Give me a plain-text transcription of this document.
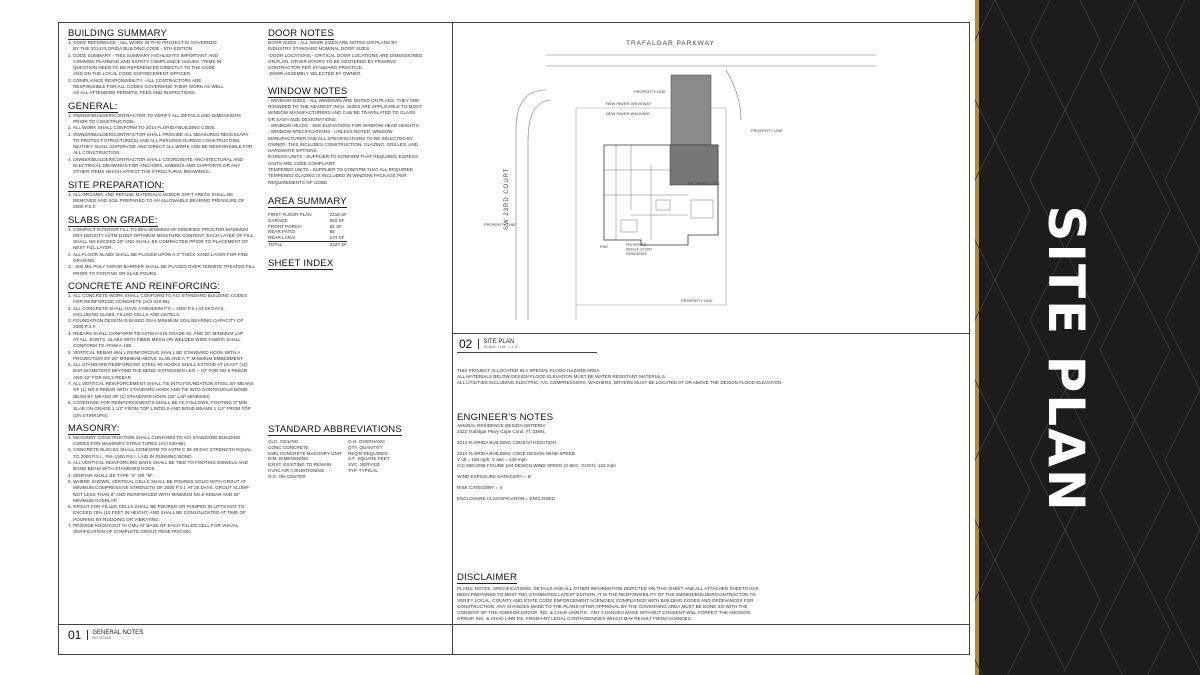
BUILDING SUMMARY

1. CODE REFERENCE - ALL WORK IN THIS PROJECT IS GOVERNED
BY THE 2014 FLORIDA BUILDING CODE - 5TH EDITION

2. CODE SUMMARY - THIS SUMMARY HIGHLIGHTS IMPORTANT AND
COMMON PLANNING AND SAFETY COMPLIANCE ISSUES. ITEMS IN
QUESTION NEED TO BE REFERENCED DIRECTLY TO THE CODE
AND ON THE LOCAL CODE ENFORCEMENT OFFICER.

3. COMPLIANCE RESPONSIBILITY - ALL CONTRACTORS ARE
RESPONSIBLE FOR ALL CODES GOVERNING THEIR WORK AS WELL
AS ALL ATTENDING PERMITS, FEES AND INSPECTIONS.

GENERAL:

1. OWNER/BUILDER/CONTRACTOR TO VERIFY ALL DETAILS AND DIMENSIONS
PRIOR TO CONSTRUCTION.

2. ALL WORK SHALL CONFORM TO 2014 FLORIDA BUILDING CODE.

3. OWNER/BUILDER/CONTRACTOR SHALL PROVIDE ALL MEASURES NECESSARY
TO PROTECT STRUCTURE(S) AND ALL PERSONS DURING CONSTRUCTION.
NEITHEY SHALL SUPERVISE AND DIRECT ALL WORK AND BE RESPONSIBLE FOR
ALL CONSTRUCTION.

4. OWNER/BUILDER/CONTRACTOR SHALL COORDINATE ARCHITECTURAL AND
ELECTRICAL DRAWINGS FOR ANCHORS, EMBEDS AND SUPPORTS OR ANY
OTHER ITEMS WHICH AFFECT THE STRUCTURAL DRAWINGS.

SITE PREPARATION:

1. ALL ORGANIC AND REFUSE MATERIALS AND/OR SOFT AREAS SHALL BE
REMOVED AND SOIL PREPARED TO AN ALLOWABLE BEARING PRESSURE OF
2000 P.S.F.

SLABS ON GRADE:

1. COMPACT INTERIOR FILL TO 95% MINIMUM OF MODIFIED PROCTOR MAXIMUM
DRY DENSITY ASTM D1557 OPTIMUM MOISTURE CONTENT. EACH LAYER OF FILL
SHALL NO EXCEED 10" AND SHALL BE COMPACTED PRIOR TO PLACEMENT OF
NEXT FILL LAYER.

2. ALL FLOOR SLABS SHALL BE PLACED UPON A 4" THICK SAND LAYER FOR FINE
GRADING.

3.  .006 MIL POLY VAPOR BARRIER SHALL BE PLACED OVER TERMITE TREATED FILL
PRIOR TO FOOTING OR SLAB POURS.

CONCRETE AND REINFORCING:

1. ALL CONCRETE WORK SHALL CONFORM TO ACI STANDARD BUILDING CODES
FOR REINFORCED CONCRETE (ACI 318-95).

2. ALL CONCRETE SHALL HAVE A MINIMUM F'C = 3000 P.S.I AT 28 DAYS,
INCLUDING SLABS, FILLED CELLS AND LINTELS.

3. FOUNDATION DESIGN IS BASED ON A MINIMUM SOIL BEARING CAPACITY OF
2000 P.S.F.

4. REBARS SHALL CONFORM TO ASTM A-615 GRADE 40, AND 20" MINIMUM LAP
AT ALL JOINTS. SLABS WITH FIBER MESH OR WELDED WIRE FABRIC SHALL
CONFORM TO ATSM A-185.

5. VERTICAL REBAR WALL REINFORCING SHALL BE STANDARD HOOK WITH A
PROJECTION OF 25" MINIMUM ABOVE SLAB AND A 7" MINIMUM EMBEDMENT.

6. ALL STANDARD REINFORCING STEEL 90 HOOKS SHALL EXTEND AT LEAST (12)
BAR DIAMETERS BEYOND THE BEND. EXTENSION LEG = 10" FOR NO.5 REBAR
AND 12" FOR NO.3 REBAR.

7. ALL VERTICAL REINFORCEMENT SHALL TIE INTO FOUNDATION STEEL BY MEANS
OF (1) NO.5 REBAR WITH STANDARD HOOK AND TIE INTO CONTINUOUS BOND
BEAM BY MEANS OF (1) STANDARD HOOK (25" LAP MINIMUM).

8. COVERAGE FOR REINFORCEMENTS SHALL BE AS FOLLOWS: FOOTING 3" MIN.
SLAB ON GRADE 1 1/2" FROM TOP, LINTELS AND BOND BEAMS 1 1/2" FROM TOP
(ON STIRRUPS).

MASONRY:

1. MASONRY CONSTRUCTION SHALL CONFORM TO ACI STANDARD BUILDING
CODES FOR MASONRY STRUCTURES (ACI 530-88).

2. CONCRETE BLOCKS SHALL CONFORM TO ASTM C 90 28 DAY STRENGTH EQUAL
TO 2000 P.S.I., FM=1500 P.S.I. LAID IN RUNNING BOND.

3. ALL VERTICAL REINFORCING BARS SHALL BE TIED TO FOOTING DOWELS AND
BOND BEAM WITH STANDARD HOOK.

4. MORTAR SHALL BE TYPE "S" OR "M".

5. WHERE SHOWN, VERTICAL CELLS SHALL BE POURED SOLID WITH GROUT AT
MINIMUM COMPRESSIVE STRENGTH OF 2000 P.S.I. AT 28 DAYS. GROUT SLUMP
NOT LESS THAN 8" AND REINFORCED WITH MINIMUM NO.5 REBAR AND 25"
MINIMUM OVERLAP.

6. GROUT FOR FILLED CELLS SHALL BE POURED OR PUMPED IN LIFTS NOT TO
EXCEED 75% (10 FEET IN HEIGHT, AND SHALL BE CONSOLIDATED AT TIME OF
POURING BY RODDING OR VIBRATING.

7. PROVIDE KNOCKOUT IN CMU AT BASE OF EACH FILLED CELL FOR VISUAL
VERIFICATION OF COMPLETE GROUT PENETRATION.

DOOR NOTES

DOOR SIZES - ALL DOOR SIZES ARE NOTED ON PLANS BY
INDUSTRY STANDARD NOMINAL DOOR SIZES.

-DOOR LOCATIONS - CRITICAL DOOR LOCATIONS ARE DIMENSIONED
ON PLAN. OTHER DOORS TO BE CENTERED BY FRAMING
CONTRACTOR PER STANDARD PRACTICE.

-DOOR ASSEMBLY SELECTED BY OWNER.

WINDOW NOTES

- WINDOW SIZES - ALL WINDOWS ARE NOTED ON PLANS. THEY ARE
ROUNDED TO THE NEAREST INCH. SIZES ARE APPLICABLE TO MOST
WINDOW MANUFACTURERS AND CAN BE TRANSLATED TO GLASS
OR SASH SIZE DESIGNATIONS.

- WINDOW HEADS - SEE ELEVATIONS FOR WINDOW HEAD HEIGHTS.

- WINDOW SPECIFICATIONS - UNLESS NOTED, WINDOW
MANUFACTURER AND ALL SPECIFICATIONS TO BE SELECTED BY
OWNER. THIS INCLUDES CONSTRUCTION, GLAZING, GRILLES, AND
HARDWARE OPTIONS.

EGRESS UNITS - SUPPLIER TO CONFIRM THAT REQUIRED EGRESS
UNITS ARE CODE COMPLIANT.

TEMPERED UNITS - SUPPLIER TO CONFIRM THAT ALL REQUIRED
TEMPERED GLAZING IS INCLUDED IN WINDOW PACKAGE PER
REQUIREMENTS OF CODE.

AREA SUMMARY
FIRST FLOOR PLAN	2318 SF
GARAGE	580 SF
FRONT PORCH	55 SF
REAR PATIO	88
REAR LANAI	274 SF
TOTAL	3327 SF
SHEET INDEX
STANDARD ABBREVIATIONS
CLG. CEILING
CONC CONCRETE
CMU CONCRETE MASONRY UNIT
DIM. DIMENSIONS
EXIST. EXISTING TO REMAIN
HVAC AIR CONDITIONING
O.C. ON CENTER
O.H. OVERHANG
QTY. QUANTITY
REQ'D REQUIRED
S.F. SQUARE FEET
SVC. SERVICE
TYP. TYPICAL
01 GENERAL NOTES
NO SCALE
02 SITE PLAN
SCALE: 1/16" = 1'-0"
TRAFALGAR PARKWAY
SW 23RD COURT
PROPERTY LINE
NEW PAVER DRIVEWAY
NEW PAVER WALKWAY
PROPERTY LINE
PROPERTY LINE
PROPERTY LINE
PROPERTY LINE
FNE	PROPOSED SINGLE STORY RESIDENCE
THIS PROJECT IS LOCATED IN A SPECIAL FLOOD HAZARD AREA.
ALL MATERIALS BELOW DESIGN FLOOD ELEVATION MUST BE WATER RESISTANT MATERIALS.
ALL UTILITIES INCLUDING ELECTRIC, A/C COMPRESSORS, WASHERS, DRYERS MUST BE LOCATED AT OR ABOVE THE DESIGN FLOOD ELEVATION
ENGINEER'S NOTES
AMARAL RESIDENCE DESIGN CRITERIA
2322 Trafalgar Pkwy Cape Coral, Fl. 33991
2014 FLORIDA BUILDING CODE-5TH EDITION
2014 FLORIDA BUILDING CODE DESIGN WIND SPEED
V ult = 160 mph, V asd = 130 mph
ICC 600-2008 FIGURE 104 DESIGN WIND SPEED (3 SEC. GUST): 123 mph
WIND EXPOSURE CATEGORY = B
RISK CATEGORY = II
ENCLOSURE CLASSIFICATION = ENCLOSED
DISCLAIMER

PLANS, NOTES, SPECIFICATIONS, DETAILS AND ALL OTHER INFORMATION DEPICTED ON THIS SHEET AND ALL ATTACHED SHEETS HAS
BEEN PREPARED TO MEET FBC STANDARDS LATEST EDITION. IT IS THE RESPONSIBILITY OF THE OWNER/BUILDER/CONTRACTOR TO
VERIFY LOCAL, COUNTY AND STATE CODE ENFORCEMENT AGENCIES' COMPLIANCE WITH BUILDING CODES AND ORDINANCES FOR
CONSTRUCTION. ANY CHANGES MADE TO THE PLANS AFTER APPROVAL BY THE GOVERNING AREA MUST BE DONE SO WITH THE
CONSENT OF THE ADDISON GROUP, INC. & CHAD LINN P.E.. ANY CHANGES MADE WITHOUT CONSENT WILL FORFEIT THE ADDISON
GROUP, INC. & CHAD LINN P.E. FROM ANY LEGAL CONTINGENCIES WHICH MAY RESULT FROM CHANGES.

SITE PLAN
